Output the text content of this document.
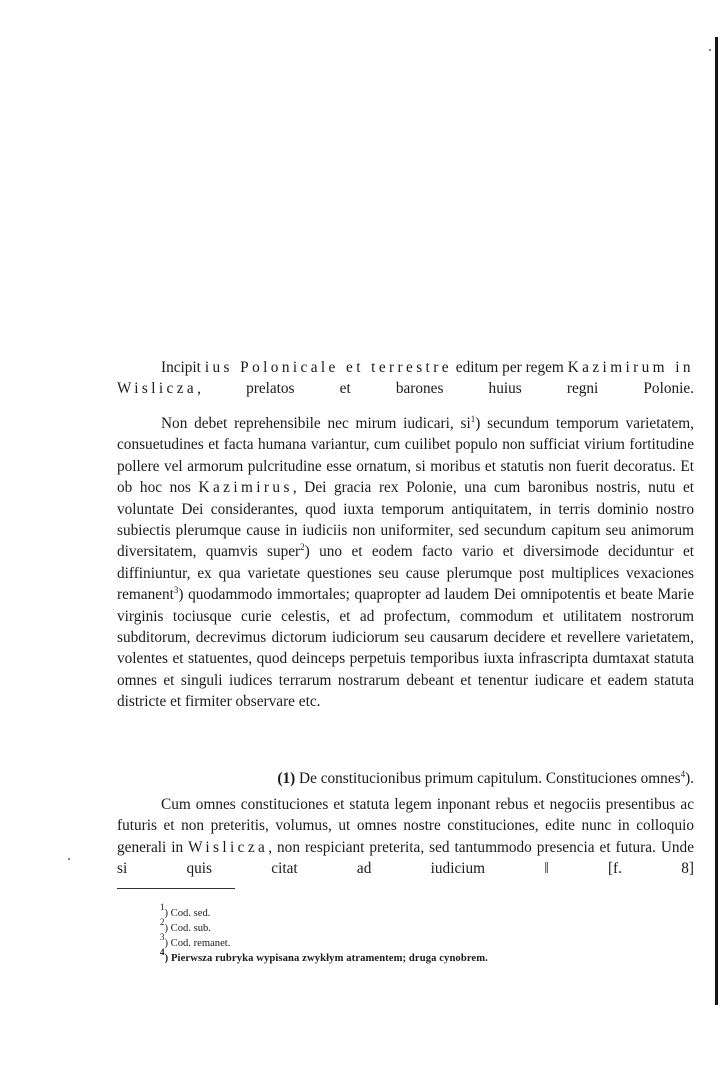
Incipit ius Polonicale et terrestre editum per regem Kazimirum in Wislicza, prelatos et barones huius regni Polonie.

Non debet reprehensibile nec mirum iudicari, $si^1$) secundum temporum varietatem, consuetudines et facta humana variantur, cum cuilibet populo non sufficiat virium fortitudine pollere vel armorum pulcritudine esse ornatum, si moribus et statutis non fuerit decoratus. Et ob hoc nos Kazimirus, Dei gracia rex Polonie, una cum baronibus nostris, nutu et voluntate Dei considerantes, quod iuxta temporum antiquitatem, in terris dominio nostro subiectis plerumque cause in iudiciis non uniformiter, sed secundum capitum seu animorum diversitatem, quamvis super$^2$) uno et eodem facto vario et diversimode deciduntur et diffiniuntur, ex qua varietate questiones seu cause plerumque post multiplices vexaciones remanent$^3$) quodammodo immortales; quapropter ad laudem Dei omnipotentis et beate Marie virginis tociusque curie celestis, et ad profectum, commodum et utilitatem nostrorum subditorum, decrevimus dictorum iudiciorum seu causarum decidere et revellere varietatem, volentes et statuentes, quod deinceps perpetuis temporibus iuxta infrascripta dumtaxat statuta omnes et singuli iudices terrarum nostrarum debeant et tenentur iudicare et eadem statuta districte et firmiter observare etc.

(1) De constitucionibus primum capitulum. Constituciones omnes$^4$).

Cum omnes constituciones et statuta legem inponant rebus et negociis presentibus ac futuris et non preteritis, volumus, ut omnes nostre constituciones, edite nunc in colloquio generali in Wislicza, non respiciant preterita, sed tantummodo presencia et futura. Unde si quis citat ad iudicium ‖ [f. 8]

$^1$) Cod. sed.
$^2$) Cod. sub.
$^3$) Cod. remanet.
$^4$) Pierwsza rubryka wypisana zwykłym atramentem; druga cynobrem.
